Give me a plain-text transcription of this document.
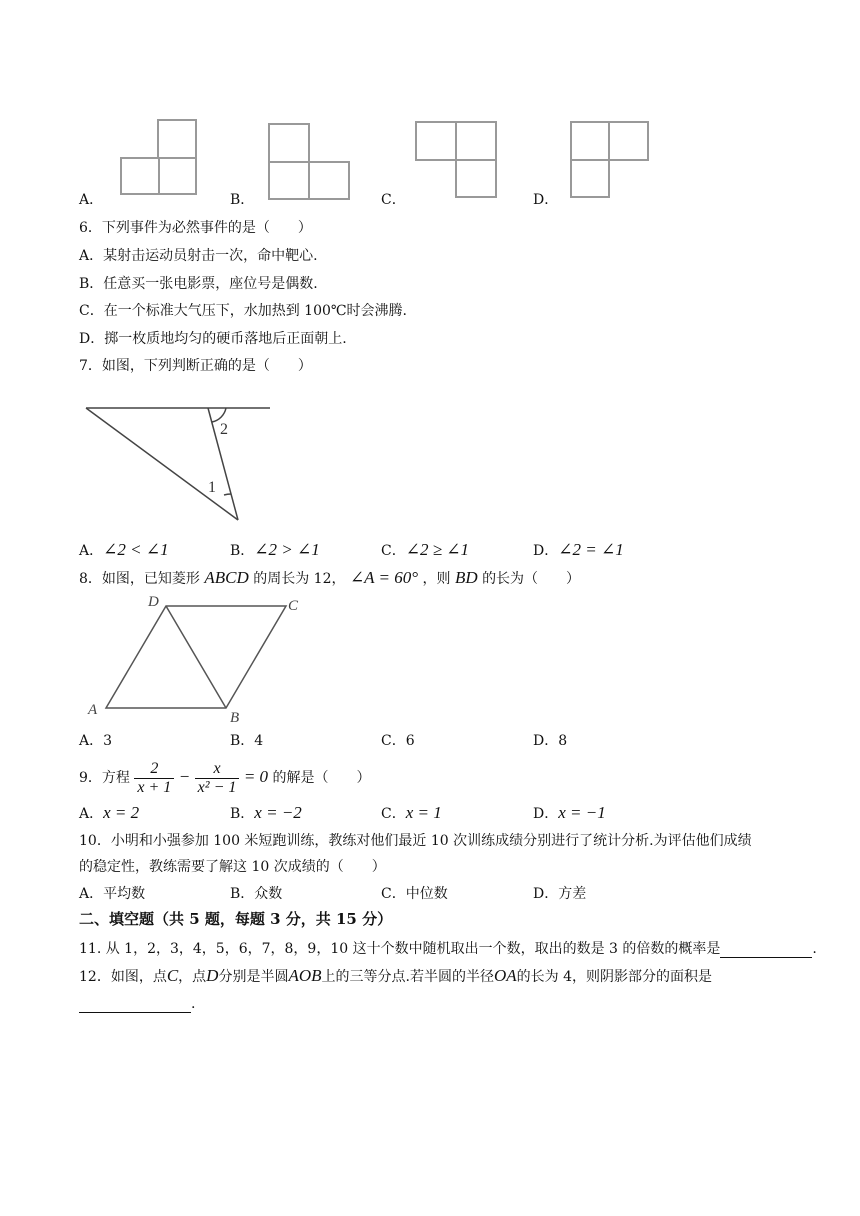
A．	B．	C．	D．
6．下列事件为必然事件的是（　　）
A．某射击运动员射击一次，命中靶心.
B．任意买一张电影票，座位号是偶数.
C．在一个标准大气压下，水加热到 100℃时会沸腾.
D．掷一枚质地均匀的硬币落地后正面朝上.
7．如图，下列判断正确的是（　　）
2
1
A．∠2 < ∠1	B．∠2 > ∠1	C．∠2 ≥ ∠1	D．∠2 = ∠1
8．如图，已知菱形 ABCD 的周长为 12， ∠A = 60° ，则 BD 的长为（　　）
D	C
A	B
A．3	B．4	C．6	D．8
9．方程 $\frac{2}{x + 1} - \frac{x}{\text{x² − 1}} = 0$ 的解是（　　）
A．x = 2	B．x = −2	C．x = 1	D．x = −1
10．小明和小强参加 100 米短跑训练，教练对他们最近 10 次训练成绩分别进行了统计分析.为评估他们成绩
的稳定性，教练需要了解这 10 次成绩的（　　）
A．平均数	B．众数	C．中位数	D．方差
二、填空题（共 5 题，每题 3 分，共 15 分）
11. 从 1，2，3，4，5，6，7，8，9，10 这十个数中随机取出一个数，取出的数是 3 的倍数的概率是	.
12．如图，点C，点D分别是半圆AOB上的三等分点.若半圆的半径OA的长为 4，则阴影部分的面积是
.
